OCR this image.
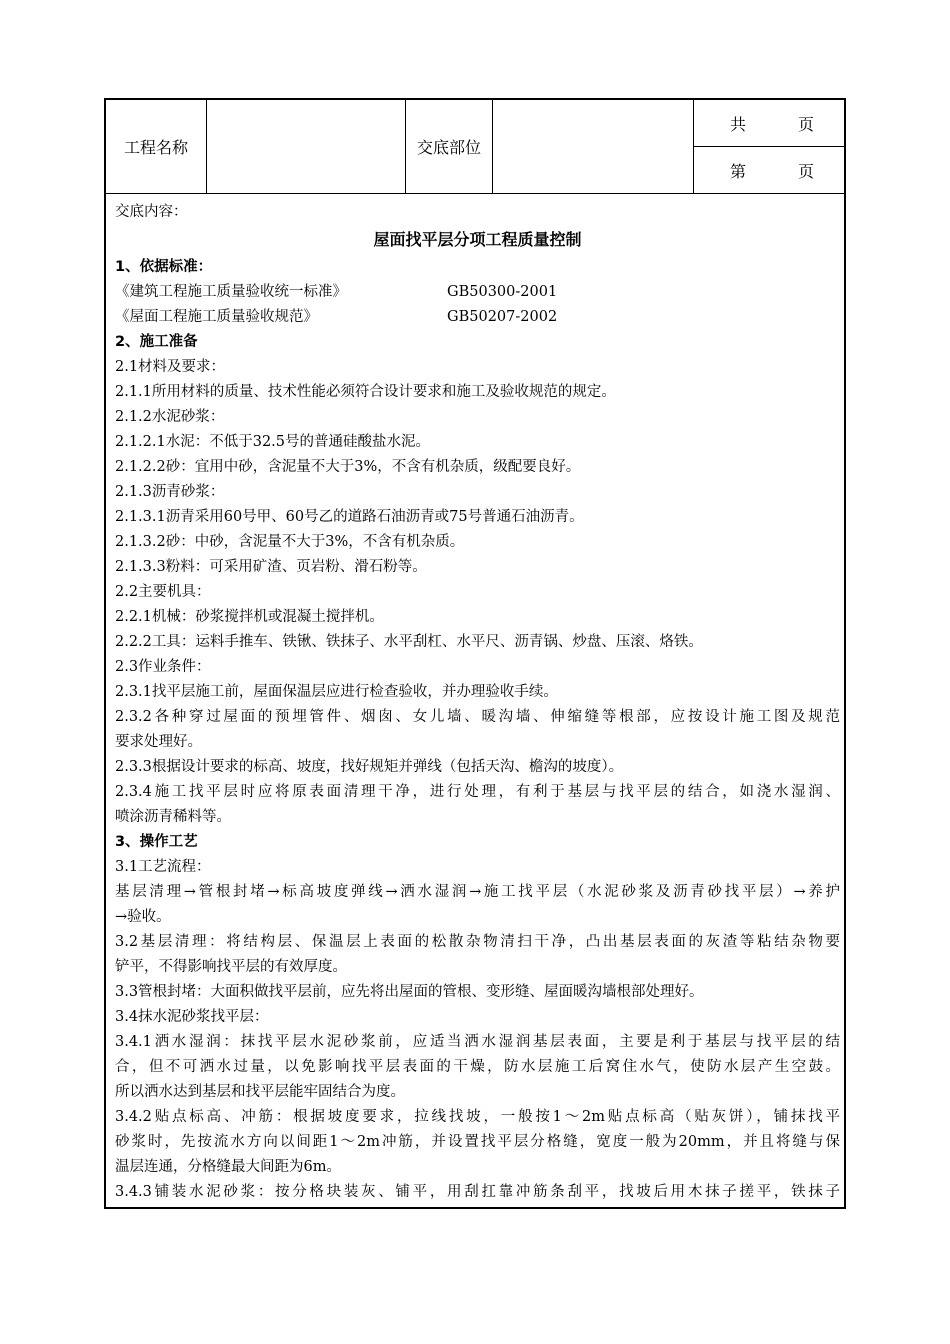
工程名称	交底部位
共	页
第	页
交底内容：
屋面找平层分项工程质量控制
1、依据标准：
《建筑工程施工质量验收统一标准》	GB50300-2001
《屋面工程施工质量验收规范》	GB50207-2002
2、施工准备
2.1材料及要求：
2.1.1所用材料的质量、技术性能必须符合设计要求和施工及验收规范的规定。
2.1.2水泥砂浆：
2.1.2.1水泥：不低于32.5号的普通硅酸盐水泥。
2.1.2.2砂：宜用中砂，含泥量不大于3%，不含有机杂质，级配要良好。
2.1.3沥青砂浆：
2.1.3.1沥青采用60号甲、60号乙的道路石油沥青或75号普通石油沥青。
2.1.3.2砂：中砂，含泥量不大于3%，不含有机杂质。
2.1.3.3粉料：可采用矿渣、页岩粉、滑石粉等。
2.2主要机具：
2.2.1机械：砂浆搅拌机或混凝土搅拌机。
2.2.2工具：运料手推车、铁锹、铁抹子、水平刮杠、水平尺、沥青锅、炒盘、压滚、烙铁。
2.3作业条件：
2.3.1找平层施工前，屋面保温层应进行检查验收，并办理验收手续。
2.3.2各种穿过屋面的预埋管件、烟囱、女儿墙、暖沟墙、伸缩缝等根部，应按设计施工图及规范
要求处理好。
2.3.3根据设计要求的标高、坡度，找好规矩并弹线（包括天沟、檐沟的坡度）。
2.3.4施工找平层时应将原表面清理干净，进行处理，有利于基层与找平层的结合，如浇水湿润、
喷涂沥青稀料等。
3、操作工艺
3.1工艺流程：
基层清理→管根封堵→标高坡度弹线→洒水湿润→施工找平层（水泥砂浆及沥青砂找平层）→养护
→验收。
3.2基层清理：将结构层、保温层上表面的松散杂物清扫干净，凸出基层表面的灰渣等粘结杂物要
铲平，不得影响找平层的有效厚度。
3.3管根封堵：大面积做找平层前，应先将出屋面的管根、变形缝、屋面暖沟墙根部处理好。
3.4抹水泥砂浆找平层：
3.4.1洒水湿润：抹找平层水泥砂浆前，应适当洒水湿润基层表面，主要是利于基层与找平层的结
合，但不可洒水过量，以免影响找平层表面的干燥，防水层施工后窝住水气，使防水层产生空鼓。
所以洒水达到基层和找平层能牢固结合为度。
3.4.2贴点标高、冲筋：根据坡度要求，拉线找坡，一般按1～2m贴点标高（贴灰饼），铺抹找平
砂浆时，先按流水方向以间距1～2m冲筋，并设置找平层分格缝，宽度一般为20mm，并且将缝与保
温层连通，分格缝最大间距为6m。
3.4.3铺装水泥砂浆：按分格块装灰、铺平，用刮扛靠冲筋条刮平，找坡后用木抹子搓平，铁抹子
